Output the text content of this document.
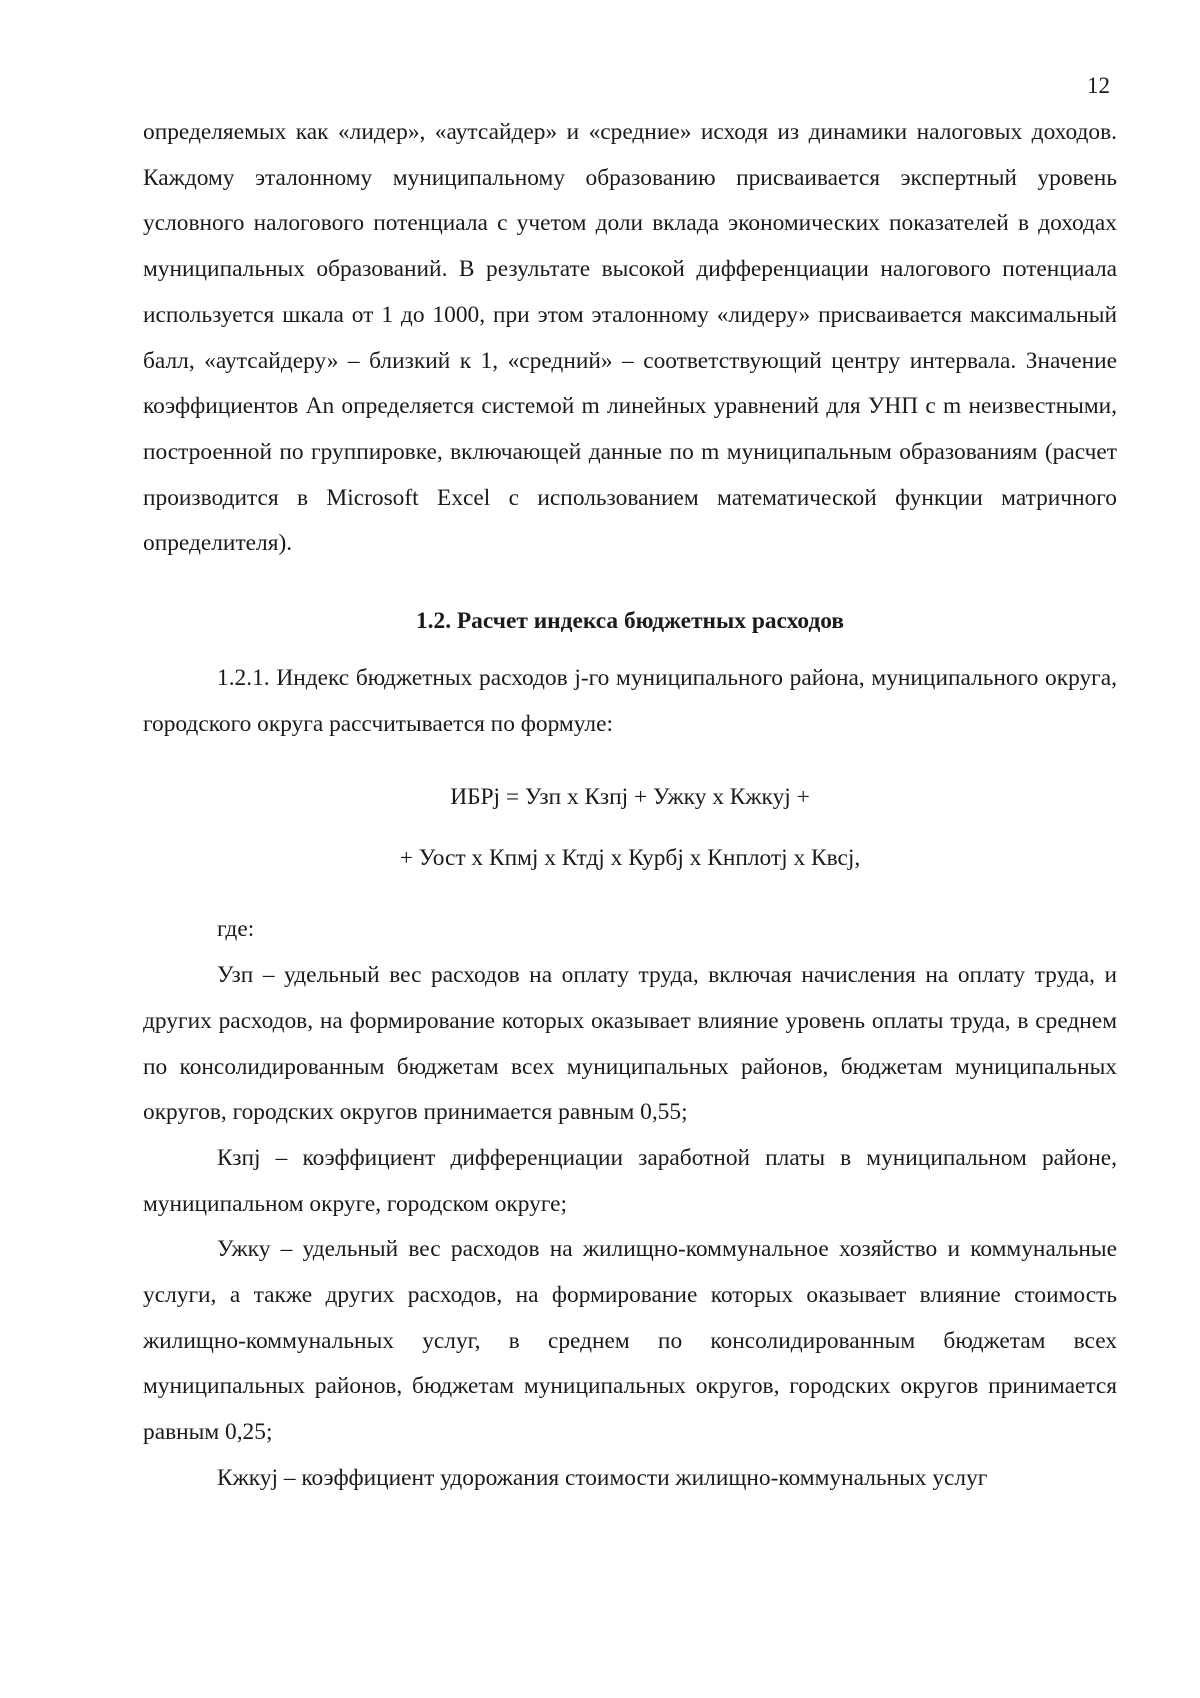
12

определяемых как «лидер», «аутсайдер» и «средние» исходя из динамики налоговых доходов. Каждому эталонному муниципальному образованию присваивается экспертный уровень условного налогового потенциала с учетом доли вклада экономических показателей в доходах муниципальных образований. В результате высокой дифференциации налогового потенциала используется шкала от 1 до 1000, при этом эталонному «лидеру» присваивается максимальный балл, «аутсайдеру» – близкий к 1, «средний» – соответствующий центру интервала. Значение коэффициентов An определяется системой m линейных уравнений для УНП с m неизвестными, построенной по группировке, включающей данные по m муниципальным образованиям (расчет производится в Microsoft Excel с использованием математической функции матричного определителя).

1.2. Расчет индекса бюджетных расходов

1.2.1. Индекс бюджетных расходов j-го муниципального района, муниципального округа, городского округа рассчитывается по формуле:

ИБРj = Узп х Кзпj + Ужку х Кжкуj +

+ Уост х Кпмj х Ктдj х Курбj х Кнплотj х Квсj,

где:

Узп – удельный вес расходов на оплату труда, включая начисления на оплату труда, и других расходов, на формирование которых оказывает влияние уровень оплаты труда, в среднем по консолидированным бюджетам всех муниципальных районов, бюджетам муниципальных округов, городских округов принимается равным 0,55;

Кзпj – коэффициент дифференциации заработной платы в муниципальном районе, муниципальном округе, городском округе;

Ужку – удельный вес расходов на жилищно-коммунальное хозяйство и коммунальные услуги, а также других расходов, на формирование которых оказывает влияние стоимость жилищно-коммунальных услуг, в среднем по консолидированным бюджетам всех муниципальных районов, бюджетам муниципальных округов, городских округов принимается равным 0,25;

Кжкуj – коэффициент удорожания стоимости жилищно-коммунальных услуг
